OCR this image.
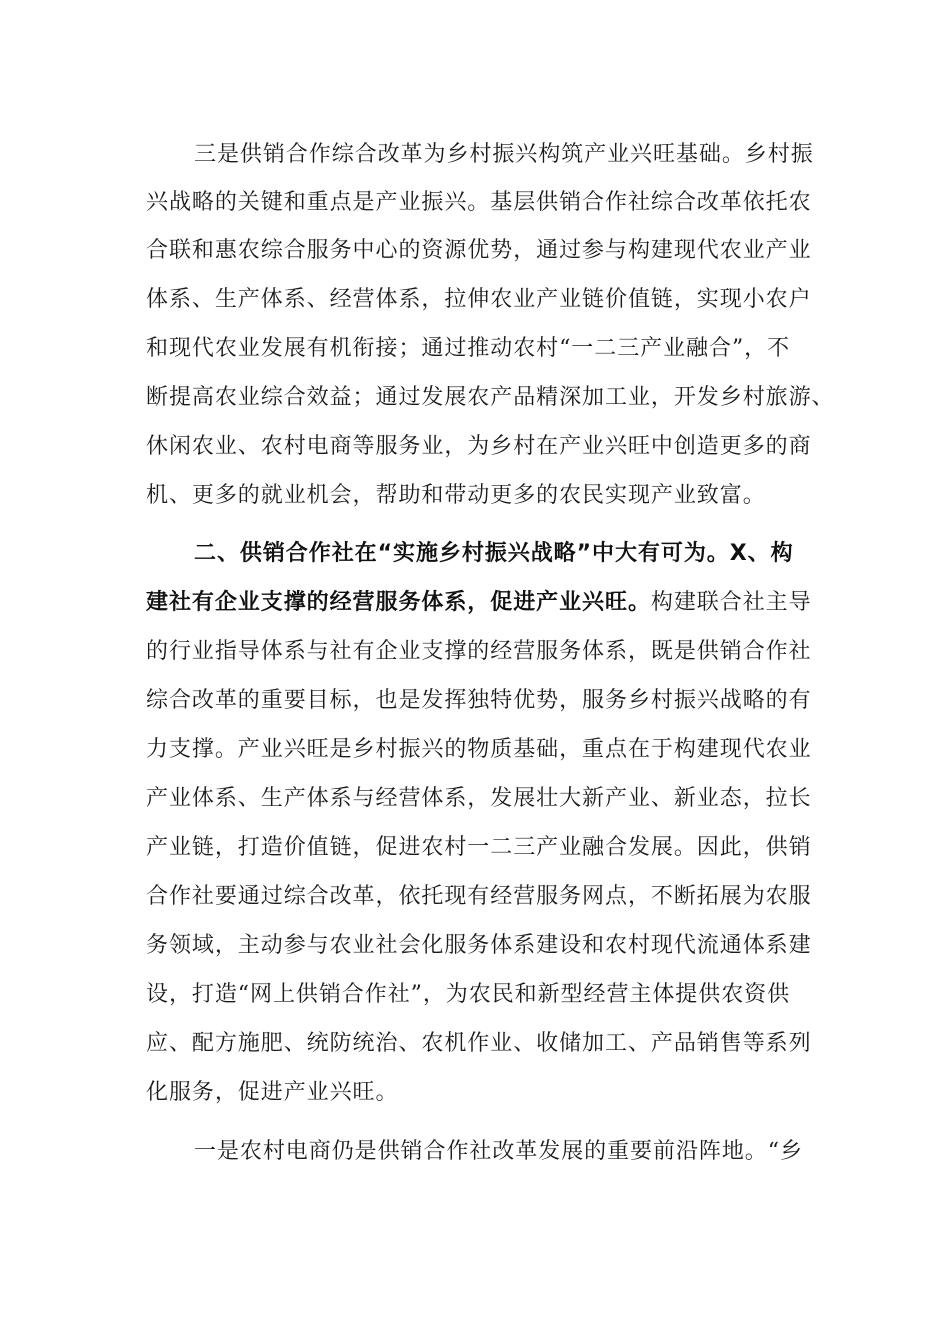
三是供销合作综合改革为乡村振兴构筑产业兴旺基础。乡村振
兴战略的关键和重点是产业振兴。基层供销合作社综合改革依托农
合联和惠农综合服务中心的资源优势，通过参与构建现代农业产业
体系、生产体系、经营体系，拉伸农业产业链价值链，实现小农户
和现代农业发展有机衔接；通过推动农村“一二三产业融合”，不
断提高农业综合效益；通过发展农产品精深加工业，开发乡村旅游、
休闲农业、农村电商等服务业，为乡村在产业兴旺中创造更多的商
机、更多的就业机会，帮助和带动更多的农民实现产业致富。
二、供销合作社在“实施乡村振兴战略”中大有可为。X、构
建社有企业支撑的经营服务体系，促进产业兴旺。构建联合社主导
的行业指导体系与社有企业支撑的经营服务体系，既是供销合作社
综合改革的重要目标，也是发挥独特优势，服务乡村振兴战略的有
力支撑。产业兴旺是乡村振兴的物质基础，重点在于构建现代农业
产业体系、生产体系与经营体系，发展壮大新产业、新业态，拉长
产业链，打造价值链，促进农村一二三产业融合发展。因此，供销
合作社要通过综合改革，依托现有经营服务网点，不断拓展为农服
务领域，主动参与农业社会化服务体系建设和农村现代流通体系建
设，打造“网上供销合作社”，为农民和新型经营主体提供农资供
应、配方施肥、统防统治、农机作业、收储加工、产品销售等系列
化服务，促进产业兴旺。
一是农村电商仍是供销合作社改革发展的重要前沿阵地。“乡
